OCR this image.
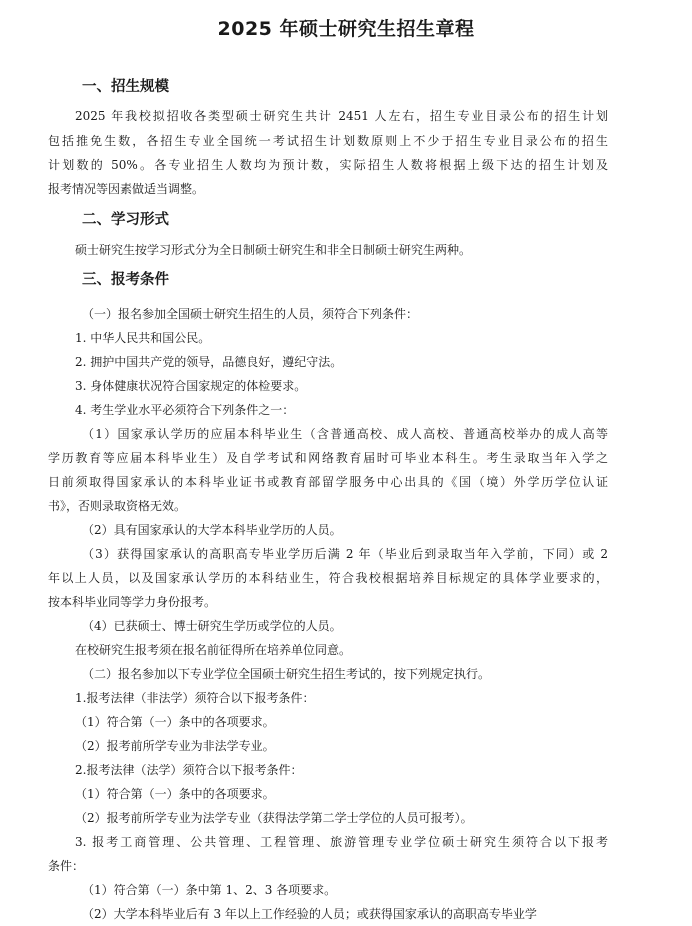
2025 年硕士研究生招生章程
一、招生规模
2025 年我校拟招收各类型硕士研究生共计 2451 人左右，招生专业目录公布的招生计划
包括推免生数，各招生专业全国统一考试招生计划数原则上不少于招生专业目录公布的招生
计划数的 50%。各专业招生人数均为预计数，实际招生人数将根据上级下达的招生计划及
报考情况等因素做适当调整。
二、学习形式
硕士研究生按学习形式分为全日制硕士研究生和非全日制硕士研究生两种。
三、报考条件
（一）报名参加全国硕士研究生招生的人员，须符合下列条件：
1. 中华人民共和国公民。
2. 拥护中国共产党的领导，品德良好，遵纪守法。
3. 身体健康状况符合国家规定的体检要求。
4. 考生学业水平必须符合下列条件之一：
（1）国家承认学历的应届本科毕业生（含普通高校、成人高校、普通高校举办的成人高等
学历教育等应届本科毕业生）及自学考试和网络教育届时可毕业本科生。考生录取当年入学之
日前须取得国家承认的本科毕业证书或教育部留学服务中心出具的《国（境）外学历学位认证
书》，否则录取资格无效。
（2）具有国家承认的大学本科毕业学历的人员。
（3）获得国家承认的高职高专毕业学历后满 2 年（毕业后到录取当年入学前，下同）或 2
年以上人员，以及国家承认学历的本科结业生，符合我校根据培养目标规定的具体学业要求的，
按本科毕业同等学力身份报考。
（4）已获硕士、博士研究生学历或学位的人员。
在校研究生报考须在报名前征得所在培养单位同意。
（二）报名参加以下专业学位全国硕士研究生招生考试的，按下列规定执行。
1.报考法律（非法学）须符合以下报考条件：
（1）符合第（一）条中的各项要求。
（2）报考前所学专业为非法学专业。
2.报考法律（法学）须符合以下报考条件：
（1）符合第（一）条中的各项要求。
（2）报考前所学专业为法学专业（获得法学第二学士学位的人员可报考）。
3. 报考工商管理、公共管理、工程管理、旅游管理专业学位硕士研究生须符合以下报考
条件：
（1）符合第（一）条中第 1、2、3 各项要求。
（2）大学本科毕业后有 3 年以上工作经验的人员；或获得国家承认的高职高专毕业学
